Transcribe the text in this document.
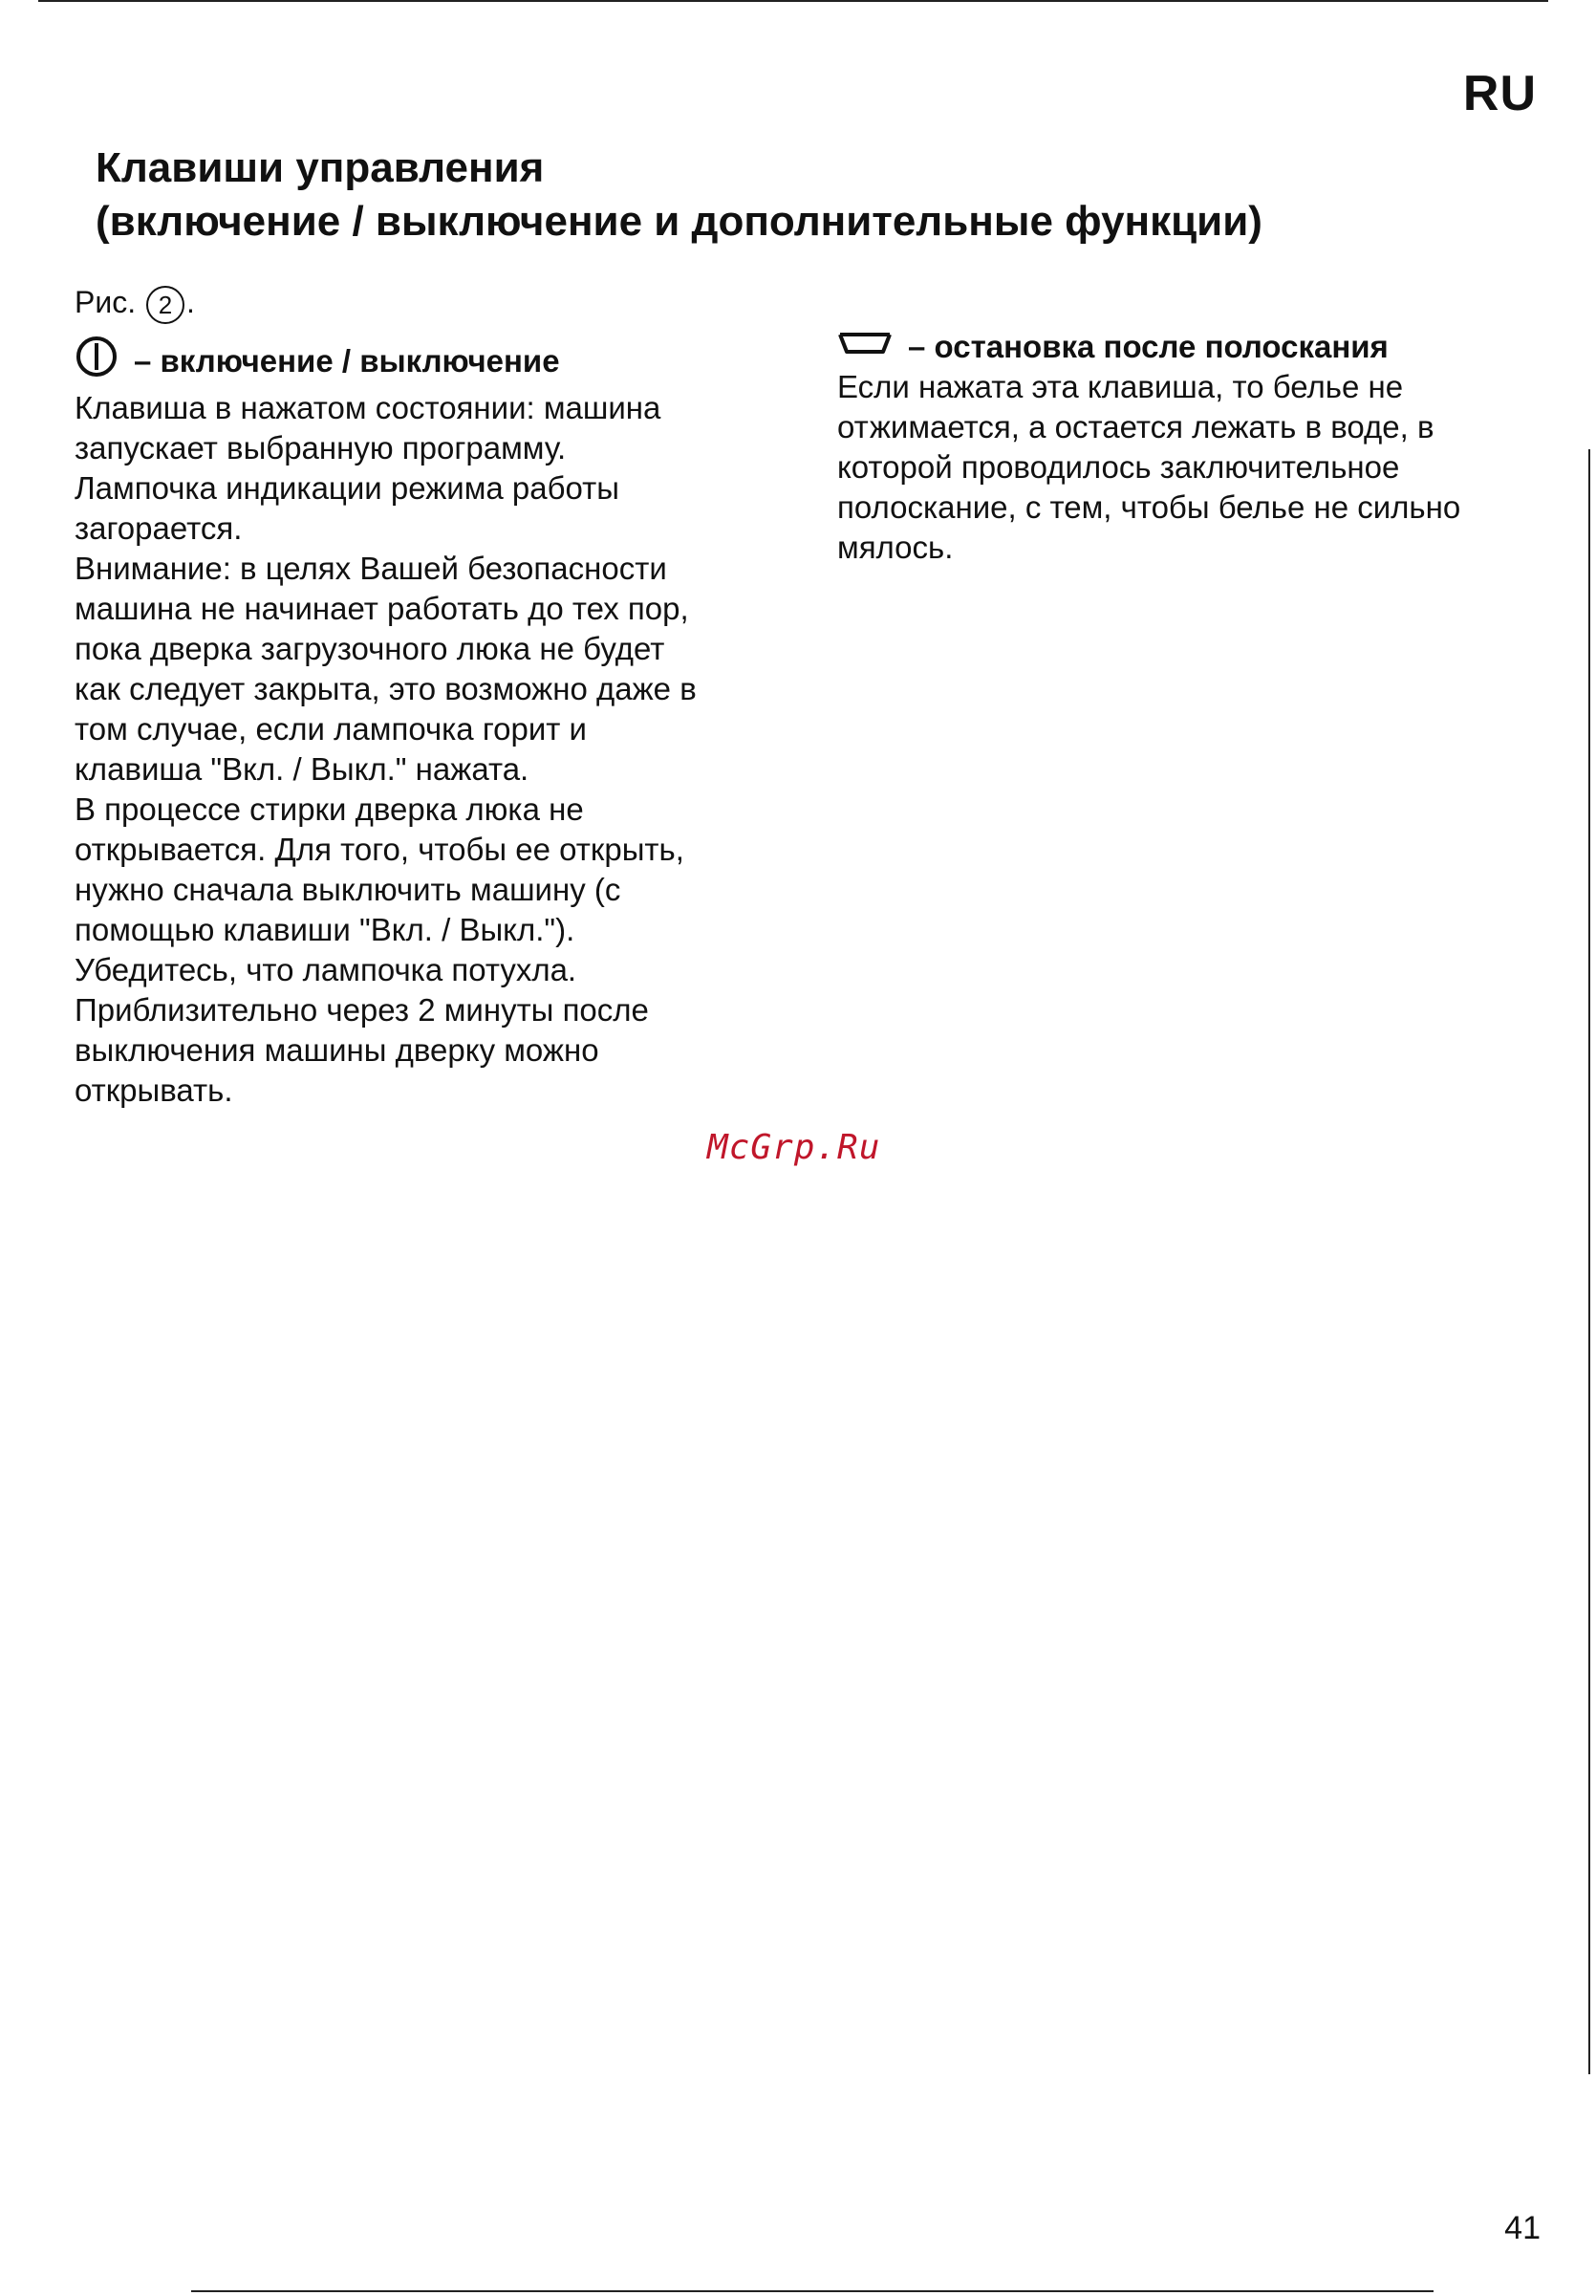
RU
Клавиши управления
(включение / выключение и дополнительные функции)
Рис. 2 .
– включение / выключение
Клавиша в нажатом состоянии: машина
запускает выбранную программу.
Лампочка индикации режима работы
загорается.
Внимание: в целях Вашей безопасности
машина не начинает работать до тех пор,
пока дверка загрузочного люка не будет
как следует закрыта, это возможно даже в
том случае, если лампочка горит и
клавиша "Вкл. / Выкл." нажата.
В процессе стирки дверка люка не
открывается. Для того, чтобы ее открыть,
нужно сначала выключить машину (с
помощью клавиши "Вкл. / Выкл.").
Убедитесь, что лампочка потухла.
Приблизительно через 2 минуты после
выключения машины дверку можно
открывать.
– остановка после полоскания
Если нажата эта клавиша, то белье не
отжимается, а остается лежать в воде, в
которой проводилось заключительное
полоскание, с тем, чтобы белье не сильно
мялось.
McGrp.Ru
41
